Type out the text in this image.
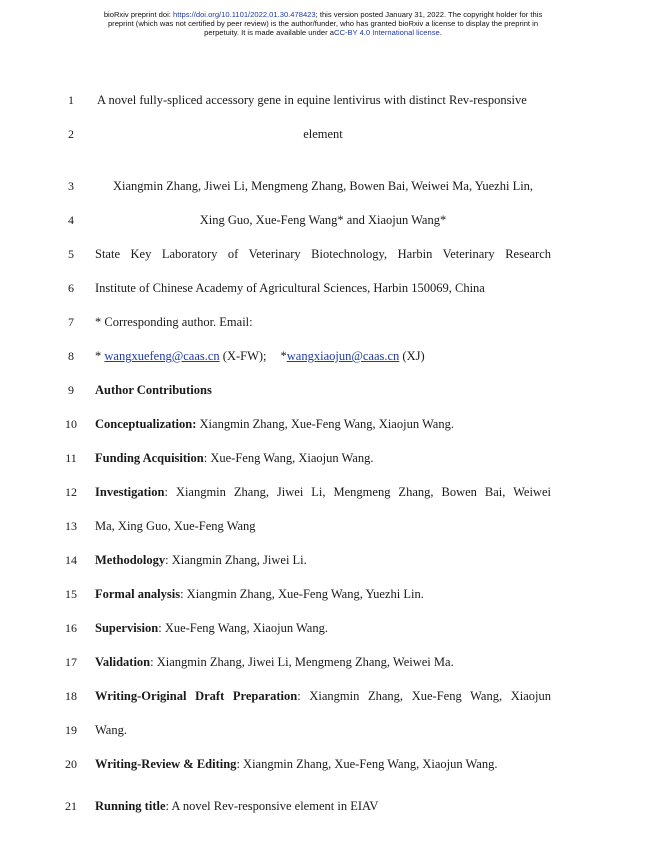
bioRxiv preprint doi: https://doi.org/10.1101/2022.01.30.478423; this version posted January 31, 2022. The copyright holder for this
preprint (which was not certified by peer review) is the author/funder, who has granted bioRxiv a license to display the preprint in
perpetuity. It is made available under aCC-BY 4.0 International license.
1	A novel fully-spliced accessory gene in equine lentivirus with distinct Rev-responsive
2	element
3	Xiangmin Zhang, Jiwei Li, Mengmeng Zhang, Bowen Bai, Weiwei Ma, Yuezhi Lin,
4	Xing Guo, Xue-Feng Wang* and Xiaojun Wang*
5	State Key Laboratory of Veterinary Biotechnology, Harbin Veterinary Research
6	Institute of Chinese Academy of Agricultural Sciences, Harbin 150069, China
7	* Corresponding author. Email:
8	* wangxuefeng@caas.cn (X-FW); *wangxiaojun@caas.cn (XJ)
9	Author Contributions
10	Conceptualization: Xiangmin Zhang, Xue-Feng Wang, Xiaojun Wang.
11	Funding Acquisition: Xue-Feng Wang, Xiaojun Wang.
12	Investigation: Xiangmin Zhang, Jiwei Li, Mengmeng Zhang, Bowen Bai, Weiwei
13	Ma, Xing Guo, Xue-Feng Wang
14	Methodology: Xiangmin Zhang, Jiwei Li.
15	Formal analysis: Xiangmin Zhang, Xue-Feng Wang, Yuezhi Lin.
16	Supervision: Xue-Feng Wang, Xiaojun Wang.
17	Validation: Xiangmin Zhang, Jiwei Li, Mengmeng Zhang, Weiwei Ma.
18	Writing-Original Draft Preparation: Xiangmin Zhang, Xue-Feng Wang, Xiaojun
19	Wang.
20	Writing-Review & Editing: Xiangmin Zhang, Xue-Feng Wang, Xiaojun Wang.
21	Running title: A novel Rev-responsive element in EIAV
